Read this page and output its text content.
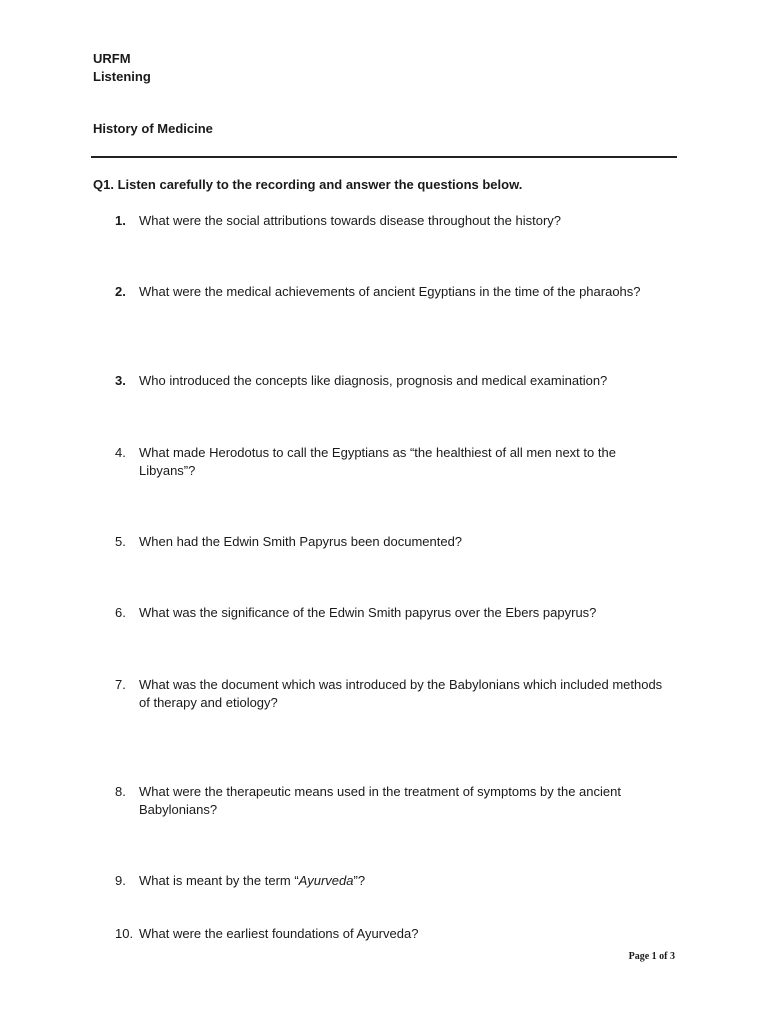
URFM
Listening
History of Medicine
Q1. Listen carefully to the recording and answer the questions below.
1.	What were the social attributions towards disease throughout the history?
2.	What were the medical achievements of ancient Egyptians in the time of the pharaohs?
3.	Who introduced the concepts like diagnosis, prognosis and medical examination?
4.	What made Herodotus to call the Egyptians as “the healthiest of all men next to the Libyans”?
5.	When had the Edwin Smith Papyrus been documented?
6.	What was the significance of the Edwin Smith papyrus over the Ebers papyrus?
7.	What was the document which was introduced by the Babylonians which included methods of therapy and etiology?
8.	What were the therapeutic means used in the treatment of symptoms by the ancient Babylonians?
9.	What is meant by the term “Ayurveda”?
10. What were the earliest foundations of Ayurveda?
Page 1 of 3
